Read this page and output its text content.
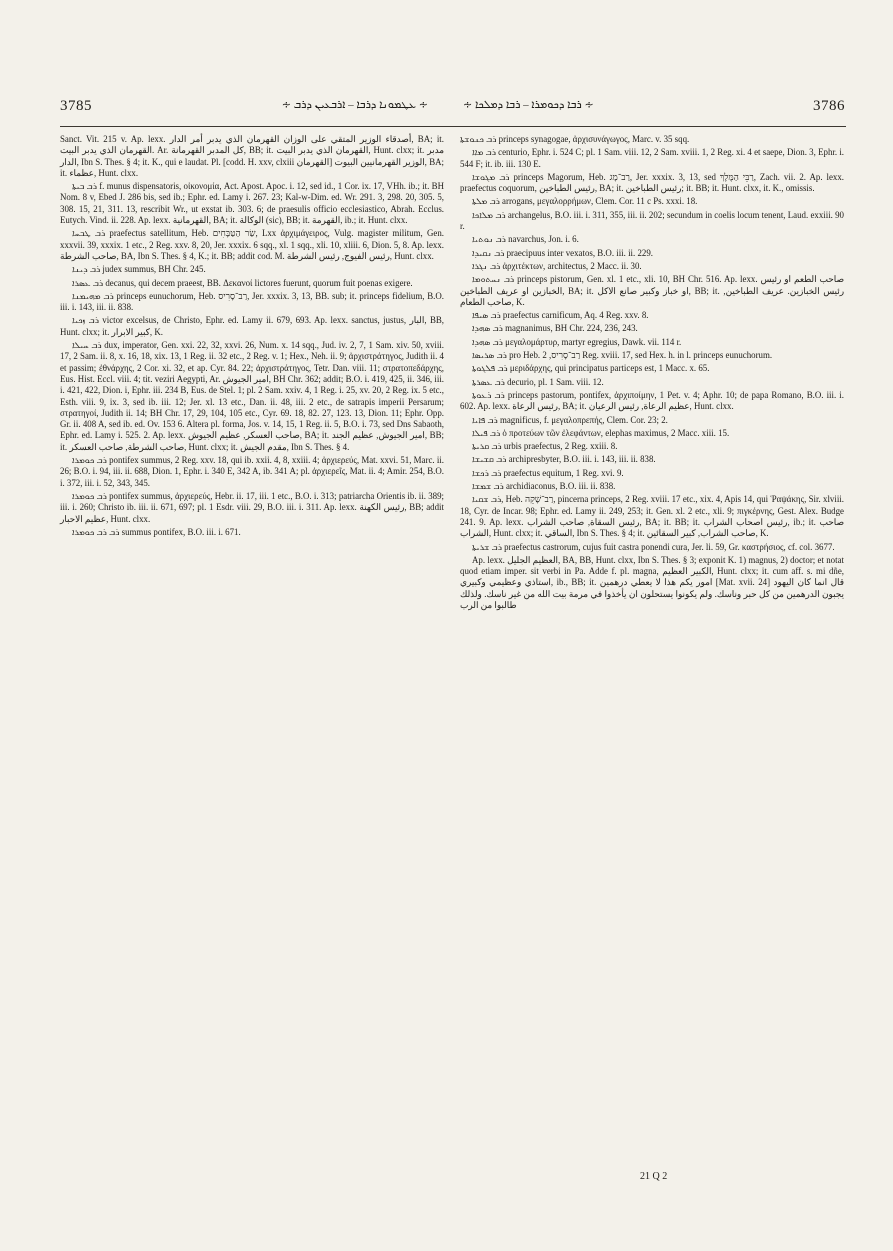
3785	∻ ܥܛܡܘܢܐ ܕܪܒܐ – ܐܪܒܥܝܢ ܕܪܒ ∻	∻ ܪܒܐ ܕܟܘܡܪܐ – ܪܒܐ ܕܡܠܟܐ ∻	3786

Sanct. Vit. 215 v. Ap. lexx. أصدقاء الوزير المتقي على الوزان القهرمان الذي يدبر أمر الدار, BA; it. القهرمان الذي يدبر البيت. Ar. كل المدبر القهرمانة, BB; it. القهرمان الذي يدبر البيت, Hunt. clxx; it. مدبر الدار, Ibn S. Thes. § 4; it. K., qui e laudat. Pl. [codd. H. xxv, clxiii القهرمان] الوزير القهرمانيين البيوت, BA; it. عظماء, Hunt. clxx.

ܪܒ ܒܝܬܐ f. munus dispensatoris, οἰκονομία, Act. Apost. Apoc. i. 12, sed id., 1 Cor. ix. 17, VHh. ib.; it. BH Nom. 8 v, Ebed J. 286 bis, sed ib.; Ephr. ed. Lamy i. 267. 23; Kal-w-Dim. ed. Wr. 291. 3, 298. 20, 305. 5, 308. 15, 21, 311. 13, rescribit Wr., ut exstat ib. 303. 6; de praesulis officio ecclesiastico, Abrah. Ecclus. Eutych. Vind. ii. 228. Ap. lexx. القهرمانية, BA; it. الوكالة (sic), BB; it. القهرمة, ib.; it. Hunt. clxx.

ܪܒ ܛܒܚܐ praefectus satellitum, Heb. שַׂר הַטַּבָּחִים, Lxx ἀρχιμάγειρος, Vulg. magister militum, Gen. xxxvii. 39, xxxix. 1 etc., 2 Reg. xxv. 8, 20, Jer. xxxix. 6 sqq., xl. 1 sqq., xli. 10, xliii. 6, Dion. 5, 8. Ap. lexx. صاحب الشرطة, BA, Ibn S. Thes. § 4, K.; it. BB; addit cod. M. رئيس الفيوج, رئيس الشرطة, Hunt. clxx.

ܪܒ ܕܝܢܐ judex summus, BH Chr. 245.

ܪܒ ܥܣܪܐ decanus, qui decem praeest, BB. Δεκανοί lictores fuerunt, quorum fuit poenas exigere.

ܪܒ ܡܗܝܡܢܐ princeps eunuchorum, Heb. רַב־סָרִיס, Jer. xxxix. 3, 13, BB. sub; it. princeps fidelium, B.O. iii. i. 143, iii. ii. 838.

ܪܒ ܙܟܝܐ victor excelsus, de Christo, Ephr. ed. Lamy ii. 679, 693. Ap. lexx. sanctus, justus, البار, BB, Hunt. clxx; it. كبير الابرار, K.

ܪܒ ܚܝܠܐ dux, imperator, Gen. xxi. 22, 32, xxvi. 26, Num. x. 14 sqq., Jud. iv. 2, 7, 1 Sam. xiv. 50, xviii. 17, 2 Sam. ii. 8, x. 16, 18, xix. 13, 1 Reg. ii. 32 etc., 2 Reg. v. 1; Hex., Neh. ii. 9; ἀρχιστράτηγος, Judith ii. 4 et passim; ἐθνάρχης, 2 Cor. xi. 32, et ap. Cyr. 84. 22; ἀρχιστράτηγος, Tetr. Dan. viii. 11; στρατοπεδάρχης, Eus. Hist. Eccl. viii. 4; tit. veziri Aegypti, Ar. امير الجيوش, BH Chr. 362; addit; B.O. i. 419, 425, ii. 346, iii. i. 421, 422, Dion. i, Ephr. iii. 234 B, Eus. de Stel. 1; pl. 2 Sam. xxiv. 4, 1 Reg. i. 25, xv. 20, 2 Reg. ix. 5 etc., Esth. viii. 9, ix. 3, sed ib. iii. 12; Jer. xl. 13 etc., Dan. ii. 48, iii. 2 etc., de satrapis imperii Persarum; στρατηγοί, Judith ii. 14; BH Chr. 17, 29, 104, 105 etc., Cyr. 69. 18, 82. 27, 123. 13, Dion. 11; Ephr. Opp. Gr. ii. 408 A, sed ib. ed. Ov. 153 6. Altera pl. forma, Jos. v. 14, 15, 1 Reg. ii. 5, B.O. i. 73, sed Dns Sabaoth, Ephr. ed. Lamy i. 525. 2. Ap. lexx. صاحب العسكر, عظيم الجيوش, BA; it. امير الجيوش, عظيم الجند, BB; it. صاحب الشرطة, صاحب العسكر, Hunt. clxx; it. مقدم الجيش, Ibn S. Thes. § 4.

ܪܒ ܟܘܡܪܐ pontifex summus, 2 Reg. xxv. 18, qui ib. xxii. 4, 8, xxiii. 4; ἀρχιερεύς, Mat. xxvi. 51, Marc. ii. 26; B.O. i. 94, iii. ii. 688, Dion. 1, Ephr. i. 340 E, 342 A, ib. 341 A; pl. ἀρχιερεῖς, Mat. ii. 4; Amir. 254, B.O. i. 372, iii. i. 52, 343, 345.

ܪܒ ܟܘܡܪܐ pontifex summus, ἀρχιερεύς, Hebr. ii. 17, iii. 1 etc., B.O. i. 313; patriarcha Orientis ib. ii. 389; iii. i. 260; Christo ib. iii. ii. 671, 697; pl. 1 Esdr. viii. 29, B.O. iii. i. 311. Ap. lexx. رئيس الكهنة, BB; addit عظيم الاحبار, Hunt. clxx.

ܪܒ ܪܒ ܟܘܡܪܐ summus pontifex, B.O. iii. i. 671.

ܪܒ ܟܢܘܫܬܐ princeps synagogae, ἀρχισυνάγωγος, Marc. v. 35 sqq.

ܪܒ ܡܐܐ centurio, Ephr. i. 524 C; pl. 1 Sam. viii. 12, 2 Sam. xviii. 1, 2 Reg. xi. 4 et saepe, Dion. 3, Ephr. i. 544 F; it. ib. iii. 130 E.

ܪܒ ܡܓܘܫܐ princeps Magorum, Heb. רַב־מָג, Jer. xxxix. 3, 13, sed רַבֵּי הַמֶּלֶךְ, Zach. vii. 2. Ap. lexx. praefectus coquorum, رئيس الطباخين, BA; it. رئيس الطباخين; it. BB; it. Hunt. clxx, it. K., omissis.

ܪܒ ܡܠܬܐ arrogans, μεγαλορρήμων, Clem. Cor. 11 c Ps. xxxi. 18.

ܪܒ ܡܠܐܟܐ archangelus, B.O. iii. i. 311, 355, iii. ii. 202; secundum in coelis locum tenent, Laud. exxiii. 90 r.

ܪܒ ܢܘܬܝܐ navarchus, Jon. i. 6.

ܪܒ ܢܩܝܕܐ praecipuus inter vexatos, B.O. iii. ii. 229.

ܪܒ ܢܓܪܐ ἀρχιτέκτων, architectus, 2 Macc. ii. 30.

ܪܒ ܢܚܬܘܡܐ princeps pistorum, Gen. xl. 1 etc., xli. 10, BH Chr. 516. Ap. lexx. صاحب الطعم او رئيس الخبازين او عريف الطباخين, BA; it. او خباز وكبير صانع الاكل, BB; it. رئيس الخبازين. عريف الطباخين, صاحب الطعام, K.

ܪܒ ܣܝܦܐ praefectus carnificum, Aq. 4 Reg. xxv. 8.

ܪܒ ܣܗܕܐ magnanimus, BH Chr. 224, 236, 243.

ܪܒ ܣܗܕܐ μεγαλομάρτυρ, martyr egregius, Dawk. vii. 114 r.

ܪܒ ܣܪܝܣܐ pro Heb. רַב־סָרִיס, 2 Reg. xviii. 17, sed Hex. h. in l. princeps eunuchorum.

ܪܒ ܦܠܓܘܬܐ μεριδάρχης, qui principatus particeps est, 1 Macc. x. 65.

ܪܒ ܥܣܪܬܐ decurio, pl. 1 Sam. viii. 12.

ܪܒ ܪܥܘܬܐ princeps pastorum, pontifex, ἀρχιποίμην, 1 Pet. v. 4; Aphr. 10; de papa Romano, B.O. iii. i. 602. Ap. lexx. رئيس الرعاة, BA; it. عظيم الرعاة, رئيس الرعيان, Hunt. clxx.

ܪܒ ܦܐܝܐ magnificus, f. μεγαλοπρεπής, Clem. Cor. 23; 2.

ܪܒ ܦܝܠܐ ὁ πρoτεύων τῶν ἐλεφάντων, elephas maximus, 2 Macc. xiii. 15.

ܪܒ ܩܪܝܬܐ urbis praefectus, 2 Reg. xxiii. 8.

ܪܒ ܩܫܝܫܐ archipresbyter, B.O. iii. i. 143, iii. ii. 838.

ܪܒ ܪܟܫܐ praefectus equitum, 1 Reg. xvi. 9.

ܪܒ ܫܡܫܐ archidiaconus, B.O. iii. ii. 838.

ܪܒ ܫܩܝܐ, Heb. רַב־שָׁקֵה, pincerna princeps, 2 Reg. xviii. 17 etc., xix. 4, Apis 14, qui Ῥαψάκης, Sir. xlviii. 18, Cyr. de Incar. 98; Ephr. ed. Lamy ii. 249, 253; it. Gen. xl. 2 etc., xli. 9; πιγκέρνης, Gest. Alex. Budge 241. 9. Ap. lexx. رئيس السقاة, صاحب الشراب, BA; it. BB; it. رئيس اصحاب الشراب, ib.; it. صاحب الشراب, Hunt. clxx; it. الساقي, Ibn S. Thes. § 4; it. صاحب الشراب, كبير السقائين, K.

ܪܒ ܫܪܝܬܐ praefectus castrorum, cujus fuit castra ponendi cura, Jer. li. 59, Gr. καστρήσιος, cf. col. 3677.

Ap. lexx. العظيم الجليل, BA, BB, Hunt. clxx, Ibn S. Thes. § 3; exponit K. 1) magnus, 2) doctor; et notat quod etiam imper. sit verbi in Pa. Adde f. pl. magna, الكبير العظيم, Hunt. clxx; it. cum aff. s. mi dñe, استاذي وعظيمي وكبيري, ib., BB; it. امور يكم هذا لا يعطي درهمين [Mat. xvii. 24] قال انما كان اليهود يجبون الدرهمين من كل حبر وناسك. ولم يكونوا يستحلون ان يأخذوا في مرمة بيت الله من غير ناسك. ولذلك طالبوا من الرب

21 Q 2
